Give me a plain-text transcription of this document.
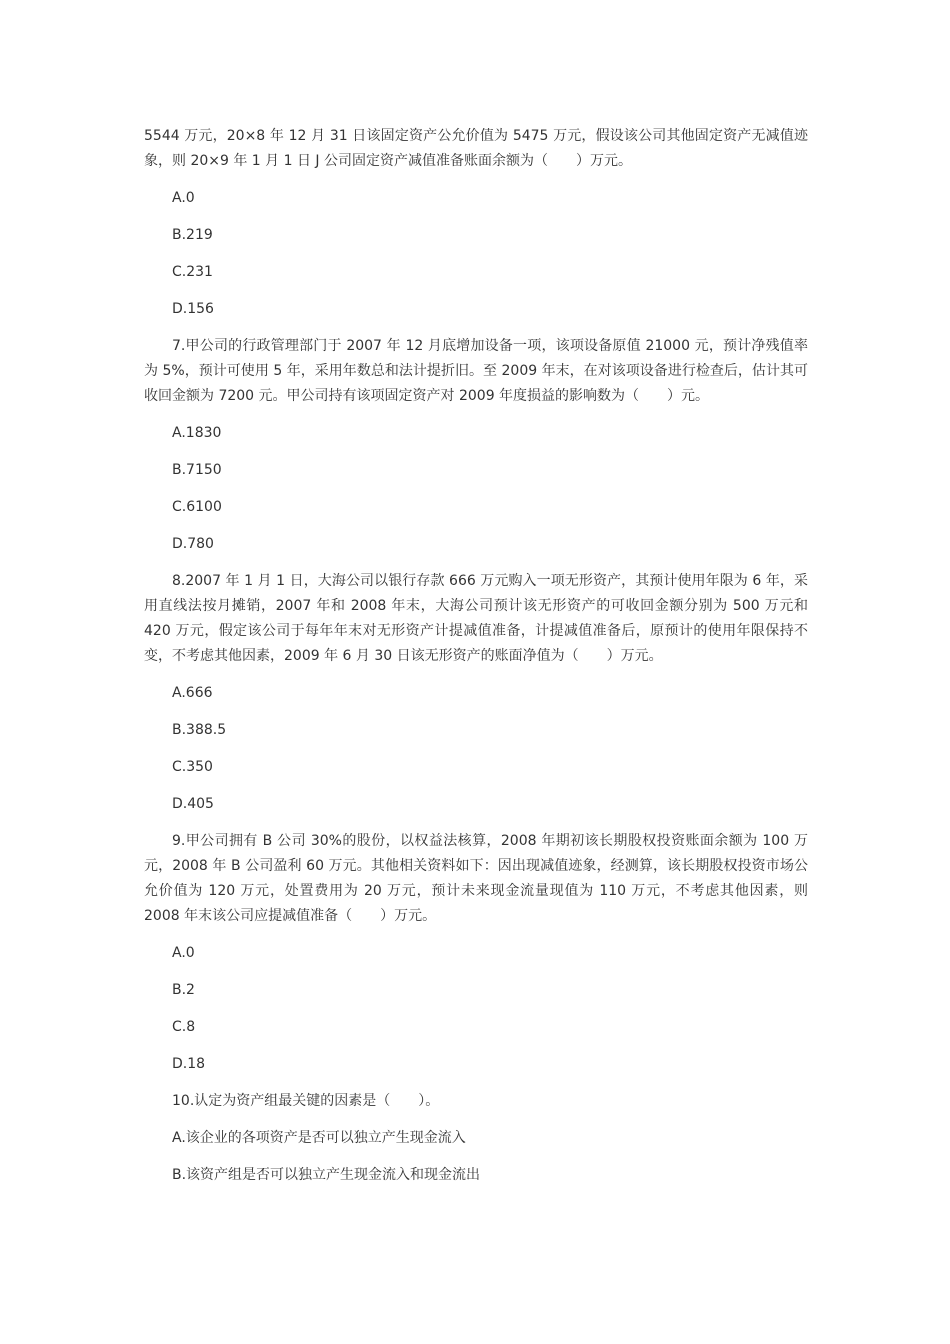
5544 万元，20×8 年 12 月 31 日该固定资产公允价值为 5475 万元，假设该公司其他固定资产无减值迹象，则 20×9 年 1 月 1 日 J 公司固定资产减值准备账面余额为（　　）万元。

A.0
B.219
C.231
D.156

7.甲公司的行政管理部门于 2007 年 12 月底增加设备一项，该项设备原值 21000 元，预计净残值率为 5%，预计可使用 5 年，采用年数总和法计提折旧。至 2009 年末，在对该项设备进行检查后，估计其可收回金额为 7200 元。甲公司持有该项固定资产对 2009 年度损益的影响数为（　　）元。

A.1830
B.7150
C.6100
D.780

8.2007 年 1 月 1 日，大海公司以银行存款 666 万元购入一项无形资产，其预计使用年限为 6 年，采用直线法按月摊销，2007 年和 2008 年末，大海公司预计该无形资产的可收回金额分别为 500 万元和 420 万元，假定该公司于每年年末对无形资产计提减值准备，计提减值准备后，原预计的使用年限保持不变，不考虑其他因素，2009 年 6 月 30 日该无形资产的账面净值为（　　）万元。

A.666
B.388.5
C.350
D.405

9.甲公司拥有 B 公司 30%的股份，以权益法核算，2008 年期初该长期股权投资账面余额为 100 万元，2008 年 B 公司盈利 60 万元。其他相关资料如下：因出现减值迹象，经测算，该长期股权投资市场公允价值为 120 万元，处置费用为 20 万元，预计未来现金流量现值为 110 万元，不考虑其他因素，则 2008 年末该公司应提减值准备（　　）万元。

A.0
B.2
C.8
D.18

10.认定为资产组最关键的因素是（　　）。

A.该企业的各项资产是否可以独立产生现金流入
B.该资产组是否可以独立产生现金流入和现金流出
